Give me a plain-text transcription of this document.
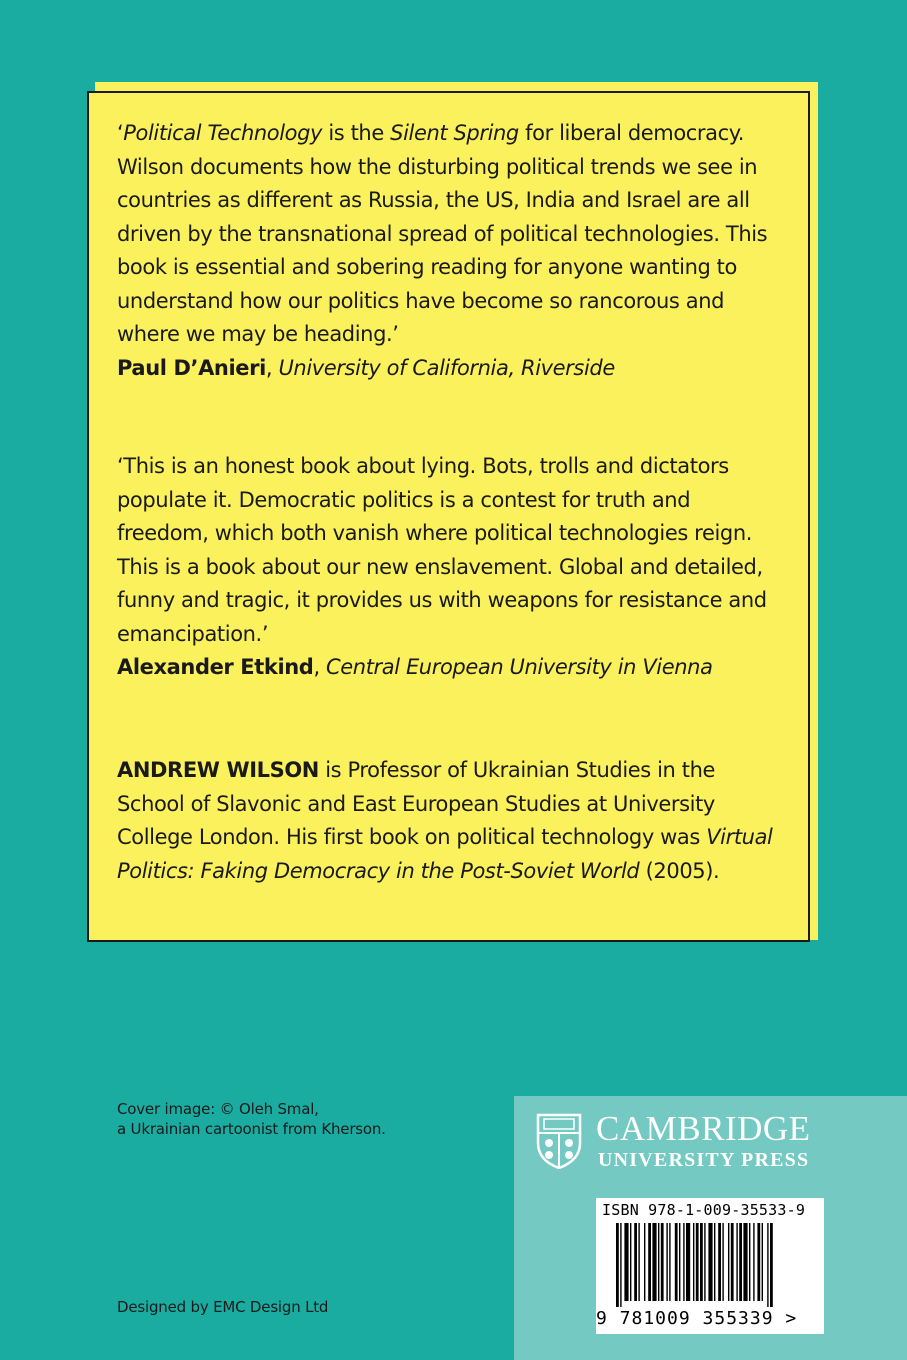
‘Political Technology is the Silent Spring for liberal democracy. Wilson documents how the disturbing political trends we see in countries as different as Russia, the US, India and Israel are all driven by the transnational spread of political technologies. This book is essential and sobering reading for anyone wanting to understand how our politics have become so rancorous and where we may be heading.’

Paul D’Anieri, University of California, Riverside

‘This is an honest book about lying. Bots, trolls and dictators populate it. Democratic politics is a contest for truth and freedom, which both vanish where political technologies reign. This is a book about our new enslavement. Global and detailed, funny and tragic, it provides us with weapons for resistance and emancipation.’

Alexander Etkind, Central European University in Vienna

ANDREW WILSON is Professor of Ukrainian Studies in the School of Slavonic and East European Studies at University College London. His first book on political technology was Virtual Politics: Faking Democracy in the Post-Soviet World (2005).

Cover image: © Oleh Smal,
a Ukrainian cartoonist from Kherson.
Designed by EMC Design Ltd
CAMBRIDGE
UNIVERSITY PRESS
ISBN 978-1-009-35533-9
9 781009 355339 >
